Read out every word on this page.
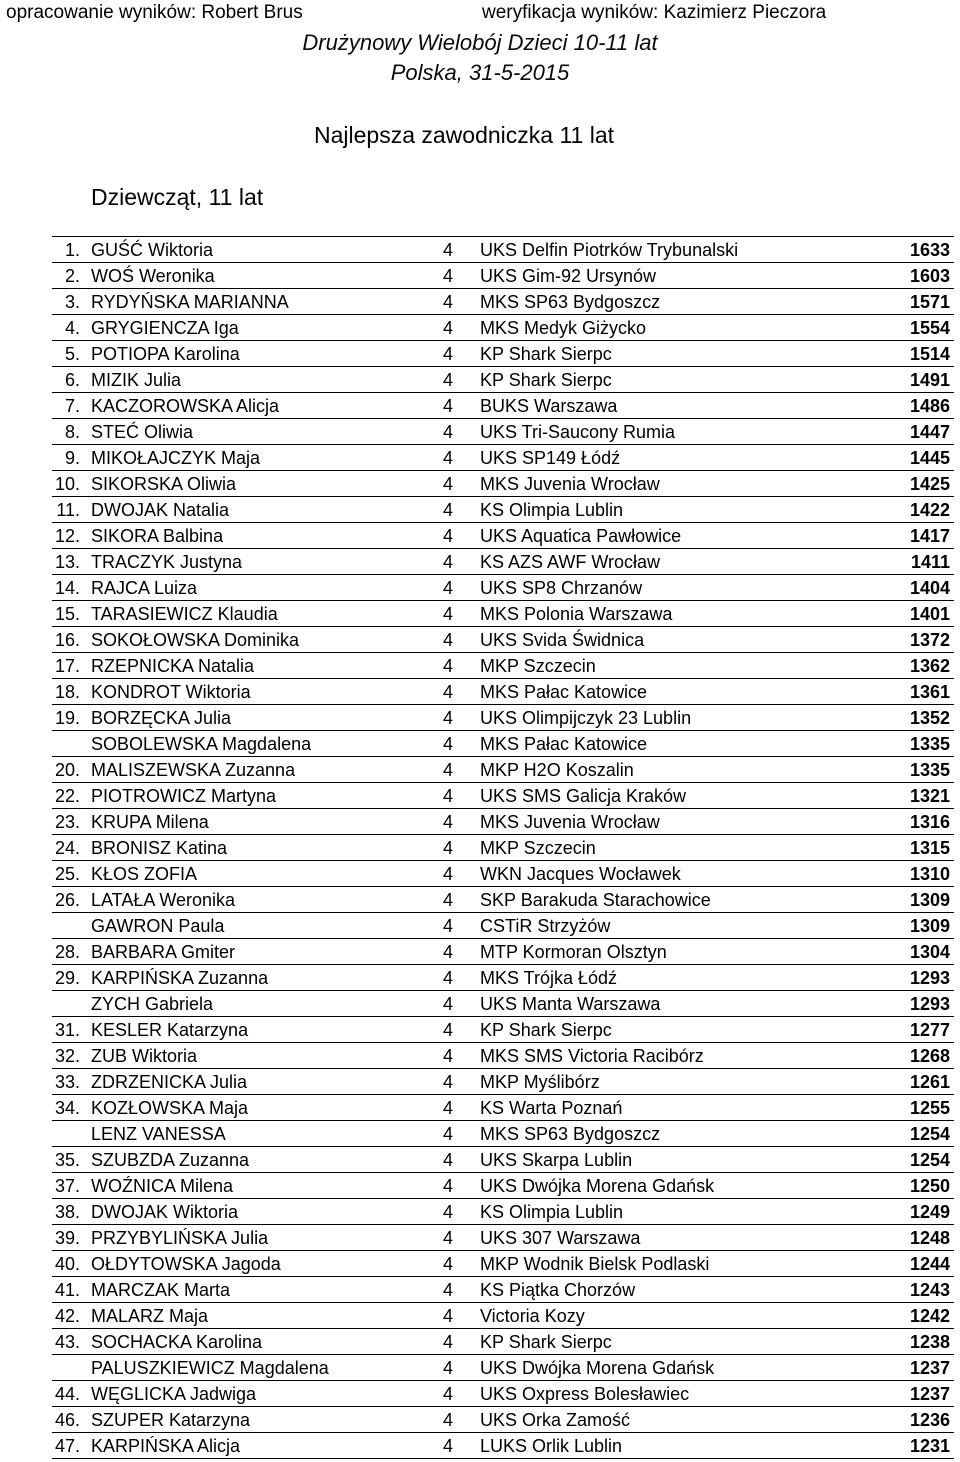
opracowanie wyników: Robert Brus	weryfikacja wyników: Kazimierz Pieczora
Drużynowy Wielobój Dzieci 10-11 lat
Polska, 31-5-2015
Najlepsza zawodniczka 11 lat
Dziewcząt, 11 lat
1. GUŚĆ Wiktoria	4 UKS Delfin Piotrków Trybunalski	1633
2. WOŚ Weronika	4 UKS Gim-92 Ursynów	1603
3. RYDYŃSKA MARIANNA	4 MKS SP63 Bydgoszcz	1571
4. GRYGIENCZA Iga	4 MKS Medyk Giżycko	1554
5. POTIOPA Karolina	4 KP Shark Sierpc	1514
6. MIZIK Julia	4 KP Shark Sierpc	1491
7. KACZOROWSKA Alicja	4 BUKS Warszawa	1486
8. STEĆ Oliwia	4 UKS Tri-Saucony Rumia	1447
9. MIKOŁAJCZYK Maja	4 UKS SP149 Łódź	1445
10. SIKORSKA Oliwia	4 MKS Juvenia Wrocław	1425
11. DWOJAK Natalia	4 KS Olimpia Lublin	1422
12. SIKORA Balbina	4 UKS Aquatica Pawłowice	1417
13. TRACZYK Justyna	4 KS AZS AWF Wrocław	1411
14. RAJCA Luiza	4 UKS SP8 Chrzanów	1404
15. TARASIEWICZ Klaudia	4 MKS Polonia Warszawa	1401
16. SOKOŁOWSKA Dominika	4 UKS Svida Świdnica	1372
17. RZEPNICKA Natalia	4 MKP Szczecin	1362
18. KONDROT Wiktoria	4 MKS Pałac Katowice	1361
19. BORZĘCKA Julia	4 UKS Olimpijczyk 23 Lublin	1352
SOBOLEWSKA Magdalena	4 MKS Pałac Katowice	1335
20. MALISZEWSKA Zuzanna	4 MKP H2O Koszalin	1335
22. PIOTROWICZ Martyna	4 UKS SMS Galicja Kraków	1321
23. KRUPA Milena	4 MKS Juvenia Wrocław	1316
24. BRONISZ Katina	4 MKP Szczecin	1315
25. KŁOS ZOFIA	4 WKN Jacques Wocławek	1310
26. LATAŁA Weronika	4 SKP Barakuda Starachowice	1309
GAWRON Paula	4 CSTiR Strzyżów	1309
28. BARBARA Gmiter	4 MTP Kormoran Olsztyn	1304
29. KARPIŃSKA Zuzanna	4 MKS Trójka Łódź	1293
ZYCH Gabriela	4 UKS Manta Warszawa	1293
31. KESLER Katarzyna	4 KP Shark Sierpc	1277
32. ZUB Wiktoria	4 MKS SMS Victoria Racibórz	1268
33. ZDRZENICKA Julia	4 MKP Myślibórz	1261
34. KOZŁOWSKA Maja	4 KS Warta Poznań	1255
LENZ VANESSA	4 MKS SP63 Bydgoszcz	1254
35. SZUBZDA Zuzanna	4 UKS Skarpa Lublin	1254
37. WOŹNICA Milena	4 UKS Dwójka Morena Gdańsk	1250
38. DWOJAK Wiktoria	4 KS Olimpia Lublin	1249
39. PRZYBYLIŃSKA Julia	4 UKS 307 Warszawa	1248
40. OŁDYTOWSKA Jagoda	4 MKP Wodnik Bielsk Podlaski	1244
41. MARCZAK Marta	4 KS Piątka Chorzów	1243
42. MALARZ Maja	4 Victoria Kozy	1242
43. SOCHACKA Karolina	4 KP Shark Sierpc	1238
PALUSZKIEWICZ Magdalena	4 UKS Dwójka Morena Gdańsk	1237
44. WĘGLICKA Jadwiga	4 UKS Oxpress Bolesławiec	1237
46. SZUPER Katarzyna	4 UKS Orka Zamość	1236
47. KARPIŃSKA Alicja	4 LUKS Orlik Lublin	1231
